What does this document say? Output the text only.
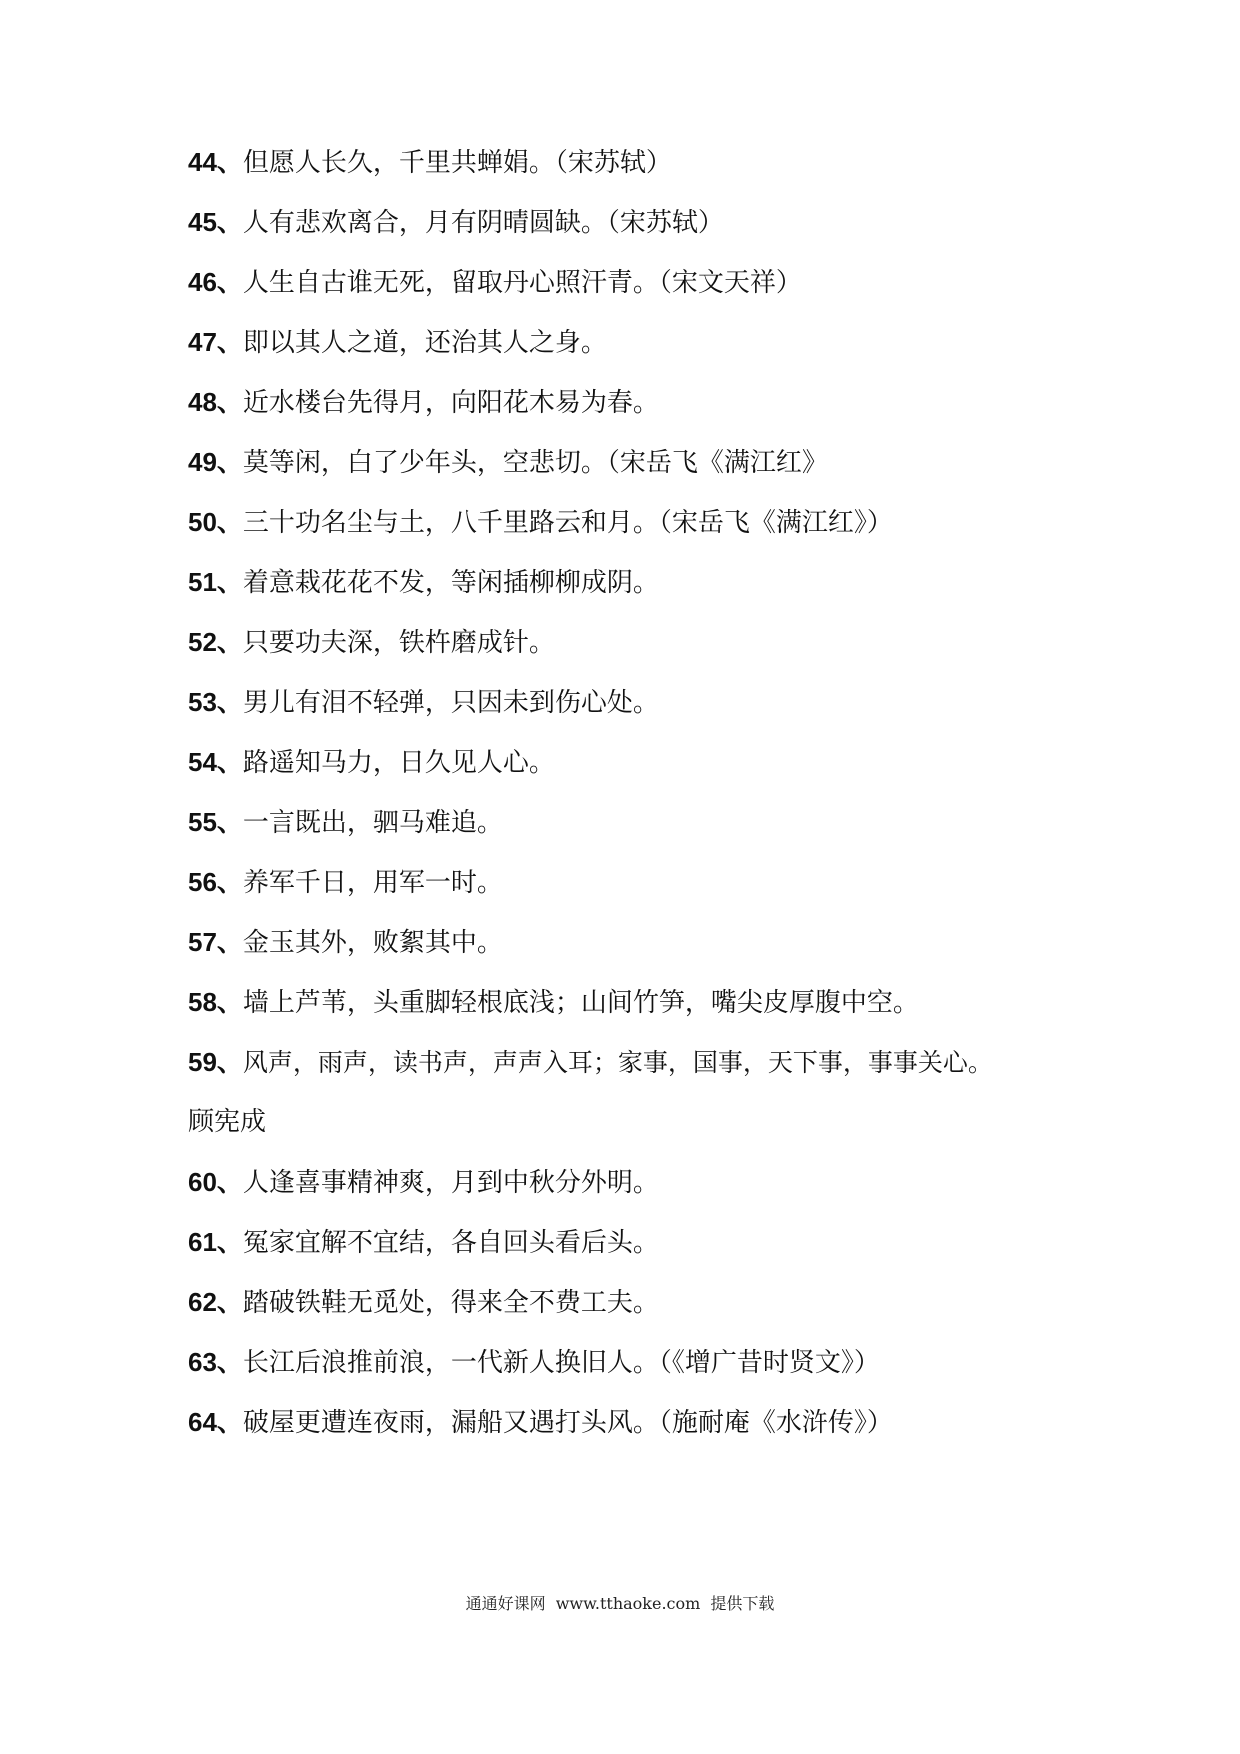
44、但愿人长久，千里共蝉娟。（宋苏轼）
45、人有悲欢离合，月有阴晴圆缺。（宋苏轼）
46、人生自古谁无死，留取丹心照汗青。（宋文天祥）
47、即以其人之道，还治其人之身。
48、近水楼台先得月，向阳花木易为春。
49、莫等闲，白了少年头，空悲切。（宋岳飞《满江红》
50、三十功名尘与土，八千里路云和月。（宋岳飞《满江红》）
51、着意栽花花不发，等闲插柳柳成阴。
52、只要功夫深，铁杵磨成针。
53、男儿有泪不轻弹，只因未到伤心处。
54、路遥知马力，日久见人心。
55、一言既出，驷马难追。
56、养军千日，用军一时。
57、金玉其外，败絮其中。
58、墙上芦苇，头重脚轻根底浅；山间竹笋，嘴尖皮厚腹中空。
59、风声，雨声，读书声，声声入耳；家事，国事，天下事，事事关心。
顾宪成
60、人逢喜事精神爽，月到中秋分外明。
61、冤家宜解不宜结，各自回头看后头。
62、踏破铁鞋无觅处，得来全不费工夫。
63、长江后浪推前浪，一代新人换旧人。（《增广昔时贤文》）
64、破屋更遭连夜雨，漏船又遇打头风。（施耐庵《水浒传》）
通通好课网 www.tthaoke.com 提供下载
